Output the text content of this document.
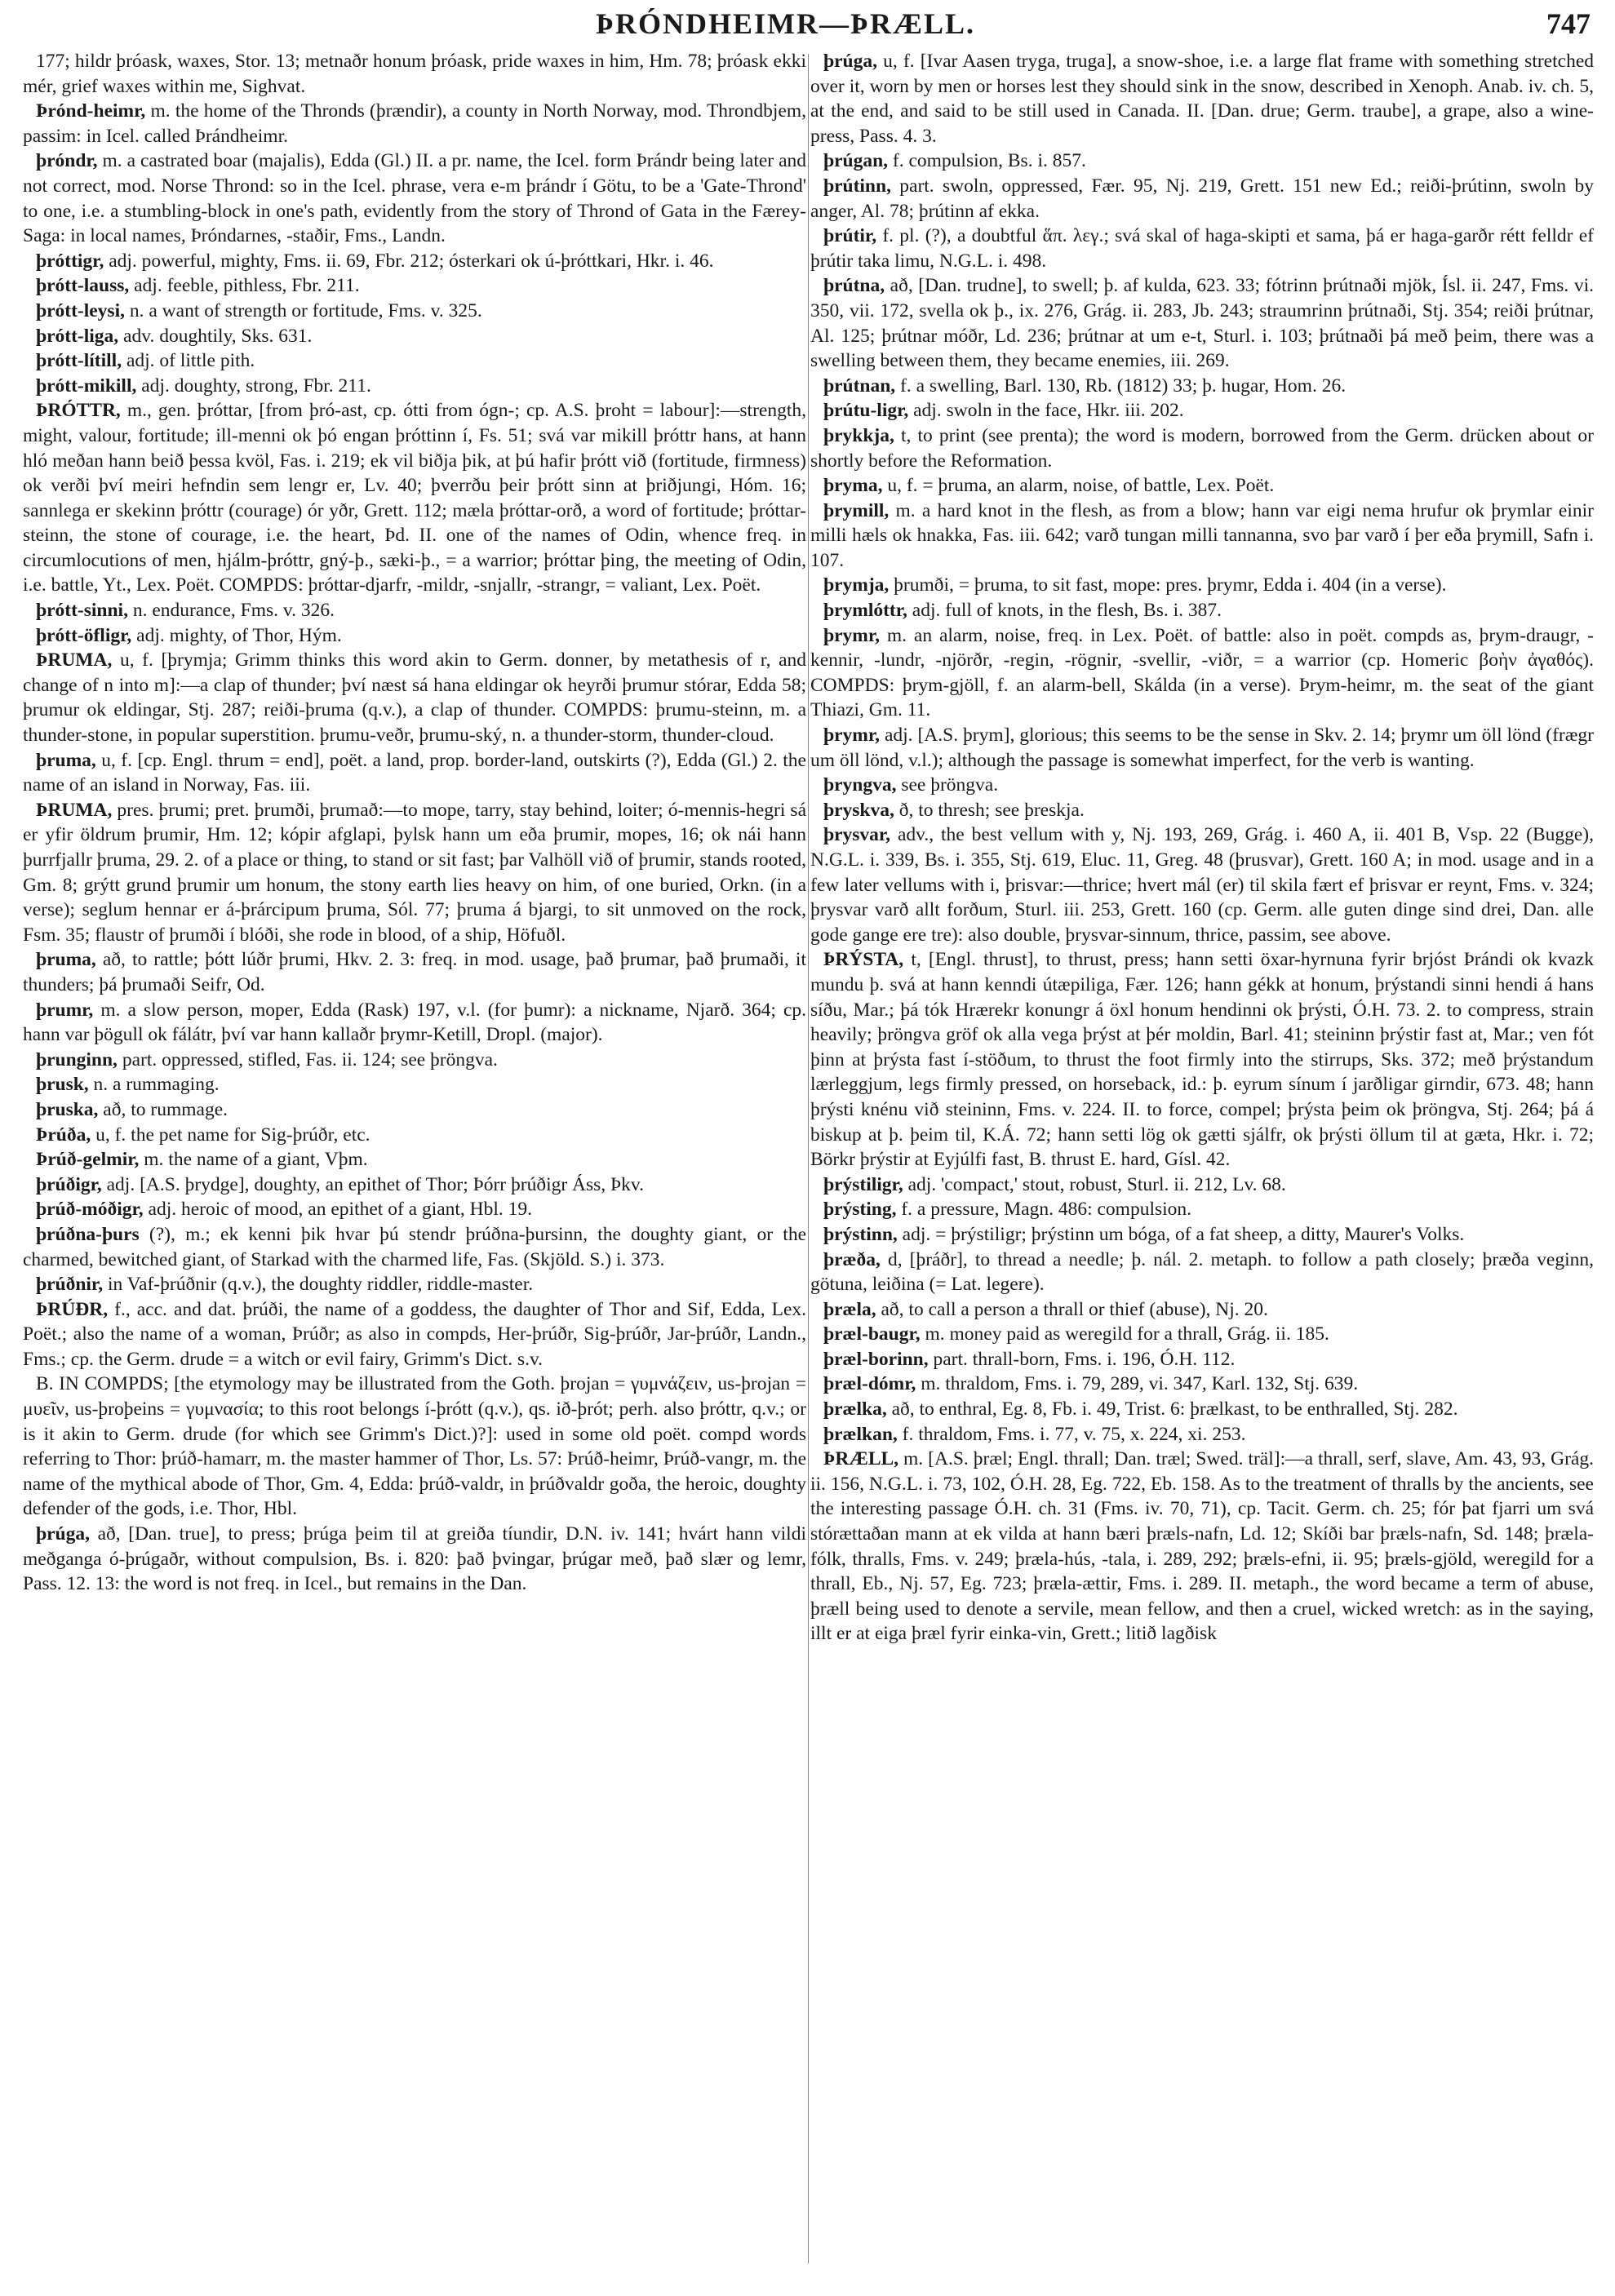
ÞRÓNDHEIMR—ÞRÆLL.	747

177; hildr þróask, waxes, Stor. 13; metnaðr honum þróask, pride waxes in him, Hm. 78; þróask ekki mér, grief waxes within me, Sighvat.

Þrónd-heimr, m. the home of the Thronds (þrændir), a county in North Norway, mod. Throndbjem, passim: in Icel. called Þrándheimr.

þróndr, m. a castrated boar (majalis), Edda (Gl.) II. a pr. name, the Icel. form Þrándr being later and not correct, mod. Norse Thrond: so in the Icel. phrase, vera e-m þrándr í Götu, to be a 'Gate-Thrond' to one, i.e. a stumbling-block in one's path, evidently from the story of Thrond of Gata in the Færey-Saga: in local names, Þróndarnes, -staðir, Fms., Landn.

þróttigr, adj. powerful, mighty, Fms. ii. 69, Fbr. 212; ósterkari ok ú-þróttkari, Hkr. i. 46.

þrótt-lauss, adj. feeble, pithless, Fbr. 211.

þrótt-leysi, n. a want of strength or fortitude, Fms. v. 325.

þrótt-liga, adv. doughtily, Sks. 631.

þrótt-lítill, adj. of little pith.

þrótt-mikill, adj. doughty, strong, Fbr. 211.

ÞRÓTTR, m., gen. þróttar, [from þró-ast, cp. ótti from ógn-; cp. A.S. þroht = labour]:—strength, might, valour, fortitude; ill-menni ok þó engan þróttinn í, Fs. 51; svá var mikill þróttr hans, at hann hló meðan hann beið þessa kvöl, Fas. i. 219; ek vil biðja þik, at þú hafir þrótt við (fortitude, firmness) ok verði því meiri hefndin sem lengr er, Lv. 40; þverrðu þeir þrótt sinn at þriðjungi, Hóm. 16; sannlega er skekinn þróttr (courage) ór yðr, Grett. 112; mæla þróttar-orð, a word of fortitude; þróttar-steinn, the stone of courage, i.e. the heart, Þd. II. one of the names of Odin, whence freq. in circumlocutions of men, hjálm-þróttr, gný-þ., sæki-þ., = a warrior; þróttar þing, the meeting of Odin, i.e. battle, Yt., Lex. Poët. COMPDS: þróttar-djarfr, -mildr, -snjallr, -strangr, = valiant, Lex. Poët.

þrótt-sinni, n. endurance, Fms. v. 326.

þrótt-öfligr, adj. mighty, of Thor, Hým.

ÞRUMA, u, f. [þrymja; Grimm thinks this word akin to Germ. donner, by metathesis of r, and change of n into m]:—a clap of thunder; því næst sá hana eldingar ok heyrði þrumur stórar, Edda 58; þrumur ok eldingar, Stj. 287; reiði-þruma (q.v.), a clap of thunder. COMPDS: þrumu-steinn, m. a thunder-stone, in popular superstition. þrumu-veðr, þrumu-ský, n. a thunder-storm, thunder-cloud.

þruma, u, f. [cp. Engl. thrum = end], poët. a land, prop. border-land, outskirts (?), Edda (Gl.) 2. the name of an island in Norway, Fas. iii.

ÞRUMA, pres. þrumi; pret. þrumði, þrumað:—to mope, tarry, stay behind, loiter; ó-mennis-hegri sá er yfir öldrum þrumir, Hm. 12; kópir afglapi, þylsk hann um eða þrumir, mopes, 16; ok nái hann þurrfjallr þruma, 29. 2. of a place or thing, to stand or sit fast; þar Valhöll við of þrumir, stands rooted, Gm. 8; grýtt grund þrumir um honum, the stony earth lies heavy on him, of one buried, Orkn. (in a verse); seglum hennar er á-þrárcipum þruma, Sól. 77; þruma á bjargi, to sit unmoved on the rock, Fsm. 35; flaustr of þrumði í blóði, she rode in blood, of a ship, Höfuðl.

þruma, að, to rattle; þótt lúðr þrumi, Hkv. 2. 3: freq. in mod. usage, það þrumar, það þrumaði, it thunders; þá þrumaði Seifr, Od.

þrumr, m. a slow person, moper, Edda (Rask) 197, v.l. (for þumr): a nickname, Njarð. 364; cp. hann var þögull ok fálátr, því var hann kallaðr þrymr-Ketill, Dropl. (major).

þrunginn, part. oppressed, stifled, Fas. ii. 124; see þröngva.

þrusk, n. a rummaging.

þruska, að, to rummage.

Þrúða, u, f. the pet name for Sig-þrúðr, etc.

Þrúð-gelmir, m. the name of a giant, Vþm.

þrúðigr, adj. [A.S. þrydge], doughty, an epithet of Thor; Þórr þrúðigr Áss, Þkv.

þrúð-móðigr, adj. heroic of mood, an epithet of a giant, Hbl. 19.

þrúðna-þurs (?), m.; ek kenni þik hvar þú stendr þrúðna-þursinn, the doughty giant, or the charmed, bewitched giant, of Starkad with the charmed life, Fas. (Skjöld. S.) i. 373.

þrúðnir, in Vaf-þrúðnir (q.v.), the doughty riddler, riddle-master.

ÞRÚÐR, f., acc. and dat. þrúði, the name of a goddess, the daughter of Thor and Sif, Edda, Lex. Poët.; also the name of a woman, Þrúðr; as also in compds, Her-þrúðr, Sig-þrúðr, Jar-þrúðr, Landn., Fms.; cp. the Germ. drude = a witch or evil fairy, Grimm's Dict. s.v.

B. IN COMPDS; [the etymology may be illustrated from the Goth. þrojan = γυμνάζειν, us-þrojan = μυεῖν, us-þroþeins = γυμνασία; to this root belongs í-þrótt (q.v.), qs. ið-þrót; perh. also þróttr, q.v.; or is it akin to Germ. drude (for which see Grimm's Dict.)?]: used in some old poët. compd words referring to Thor: þrúð-hamarr, m. the master hammer of Thor, Ls. 57: Þrúð-heimr, Þrúð-vangr, m. the name of the mythical abode of Thor, Gm. 4, Edda: þrúð-valdr, in þrúðvaldr goða, the heroic, doughty defender of the gods, i.e. Thor, Hbl.

þrúga, að, [Dan. true], to press; þrúga þeim til at greiða tíundir, D.N. iv. 141; hvárt hann vildi meðganga ó-þrúgaðr, without compulsion, Bs. i. 820: það þvingar, þrúgar með, það slær og lemr, Pass. 12. 13: the word is not freq. in Icel., but remains in the Dan.

þrúga, u, f. [Ivar Aasen tryga, truga], a snow-shoe, i.e. a large flat frame with something stretched over it, worn by men or horses lest they should sink in the snow, described in Xenoph. Anab. iv. ch. 5, at the end, and said to be still used in Canada. II. [Dan. drue; Germ. traube], a grape, also a wine-press, Pass. 4. 3.

þrúgan, f. compulsion, Bs. i. 857.

þrútinn, part. swoln, oppressed, Fær. 95, Nj. 219, Grett. 151 new Ed.; reiði-þrútinn, swoln by anger, Al. 78; þrútinn af ekka.

þrútir, f. pl. (?), a doubtful ἅπ. λεγ.; svá skal of haga-skipti et sama, þá er haga-garðr rétt felldr ef þrútir taka limu, N.G.L. i. 498.

þrútna, að, [Dan. trudne], to swell; þ. af kulda, 623. 33; fótrinn þrútnaði mjök, Ísl. ii. 247, Fms. vi. 350, vii. 172, svella ok þ., ix. 276, Grág. ii. 283, Jb. 243; straumrinn þrútnaði, Stj. 354; reiði þrútnar, Al. 125; þrútnar móðr, Ld. 236; þrútnar at um e-t, Sturl. i. 103; þrútnaði þá með þeim, there was a swelling between them, they became enemies, iii. 269.

þrútnan, f. a swelling, Barl. 130, Rb. (1812) 33; þ. hugar, Hom. 26.

þrútu-ligr, adj. swoln in the face, Hkr. iii. 202.

þrykkja, t, to print (see prenta); the word is modern, borrowed from the Germ. drücken about or shortly before the Reformation.

þryma, u, f. = þruma, an alarm, noise, of battle, Lex. Poët.

þrymill, m. a hard knot in the flesh, as from a blow; hann var eigi nema hrufur ok þrymlar einir milli hæls ok hnakka, Fas. iii. 642; varð tungan milli tannanna, svo þar varð í þer eða þrymill, Safn i. 107.

þrymja, þrumði, = þruma, to sit fast, mope: pres. þrymr, Edda i. 404 (in a verse).

þrymlóttr, adj. full of knots, in the flesh, Bs. i. 387.

þrymr, m. an alarm, noise, freq. in Lex. Poët. of battle: also in poët. compds as, þrym-draugr, -kennir, -lundr, -njörðr, -regin, -rögnir, -svellir, -viðr, = a warrior (cp. Homeric βοὴν ἀγαθός). COMPDS: þrym-gjöll, f. an alarm-bell, Skálda (in a verse). Þrym-heimr, m. the seat of the giant Thiazi, Gm. 11.

þrymr, adj. [A.S. þrym], glorious; this seems to be the sense in Skv. 2. 14; þrymr um öll lönd (frægr um öll lönd, v.l.); although the passage is somewhat imperfect, for the verb is wanting.

þryngva, see þröngva.

þryskva, ð, to thresh; see þreskja.

þrysvar, adv., the best vellum with y, Nj. 193, 269, Grág. i. 460 A, ii. 401 B, Vsp. 22 (Bugge), N.G.L. i. 339, Bs. i. 355, Stj. 619, Eluc. 11, Greg. 48 (þrusvar), Grett. 160 A; in mod. usage and in a few later vellums with i, þrisvar:—thrice; hvert mál (er) til skila fært ef þrisvar er reynt, Fms. v. 324; þrysvar varð allt forðum, Sturl. iii. 253, Grett. 160 (cp. Germ. alle guten dinge sind drei, Dan. alle gode gange ere tre): also double, þrysvar-sinnum, thrice, passim, see above.

ÞRÝSTA, t, [Engl. thrust], to thrust, press; hann setti öxar-hyrnuna fyrir brjóst Þrándi ok kvazk mundu þ. svá at hann kenndi útæpiliga, Fær. 126; hann gékk at honum, þrýstandi sinni hendi á hans síðu, Mar.; þá tók Hrærekr konungr á öxl honum hendinni ok þrýsti, Ó.H. 73. 2. to compress, strain heavily; þröngva gröf ok alla vega þrýst at þér moldin, Barl. 41; steininn þrýstir fast at, Mar.; ven fót þinn at þrýsta fast í-stöðum, to thrust the foot firmly into the stirrups, Sks. 372; með þrýstandum lærleggjum, legs firmly pressed, on horseback, id.: þ. eyrum sínum í jarðligar girndir, 673. 48; hann þrýsti knénu við steininn, Fms. v. 224. II. to force, compel; þrýsta þeim ok þröngva, Stj. 264; þá á biskup at þ. þeim til, K.Á. 72; hann setti lög ok gætti sjálfr, ok þrýsti öllum til at gæta, Hkr. i. 72; Börkr þrýstir at Eyjúlfi fast, B. thrust E. hard, Gísl. 42.

þrýstiligr, adj. 'compact,' stout, robust, Sturl. ii. 212, Lv. 68.

þrýsting, f. a pressure, Magn. 486: compulsion.

þrýstinn, adj. = þrýstiligr; þrýstinn um bóga, of a fat sheep, a ditty, Maurer's Volks.

þræða, d, [þráðr], to thread a needle; þ. nál. 2. metaph. to follow a path closely; þræða veginn, götuna, leiðina (= Lat. legere).

þræla, að, to call a person a thrall or thief (abuse), Nj. 20.

þræl-baugr, m. money paid as weregild for a thrall, Grág. ii. 185.

þræl-borinn, part. thrall-born, Fms. i. 196, Ó.H. 112.

þræl-dómr, m. thraldom, Fms. i. 79, 289, vi. 347, Karl. 132, Stj. 639.

þrælka, að, to enthral, Eg. 8, Fb. i. 49, Trist. 6: þrælkast, to be enthralled, Stj. 282.

þrælkan, f. thraldom, Fms. i. 77, v. 75, x. 224, xi. 253.

ÞRÆLL, m. [A.S. þræl; Engl. thrall; Dan. træl; Swed. träl]:—a thrall, serf, slave, Am. 43, 93, Grág. ii. 156, N.G.L. i. 73, 102, Ó.H. 28, Eg. 722, Eb. 158. As to the treatment of thralls by the ancients, see the interesting passage Ó.H. ch. 31 (Fms. iv. 70, 71), cp. Tacit. Germ. ch. 25; fór þat fjarri um svá stórættaðan mann at ek vilda at hann bæri þræls-nafn, Ld. 12; Skíði bar þræls-nafn, Sd. 148; þræla-fólk, thralls, Fms. v. 249; þræla-hús, -tala, i. 289, 292; þræls-efni, ii. 95; þræls-gjöld, weregild for a thrall, Eb., Nj. 57, Eg. 723; þræla-ættir, Fms. i. 289. II. metaph., the word became a term of abuse, þræll being used to denote a servile, mean fellow, and then a cruel, wicked wretch: as in the saying, illt er at eiga þræl fyrir einka-vin, Grett.; litið lagðisk
